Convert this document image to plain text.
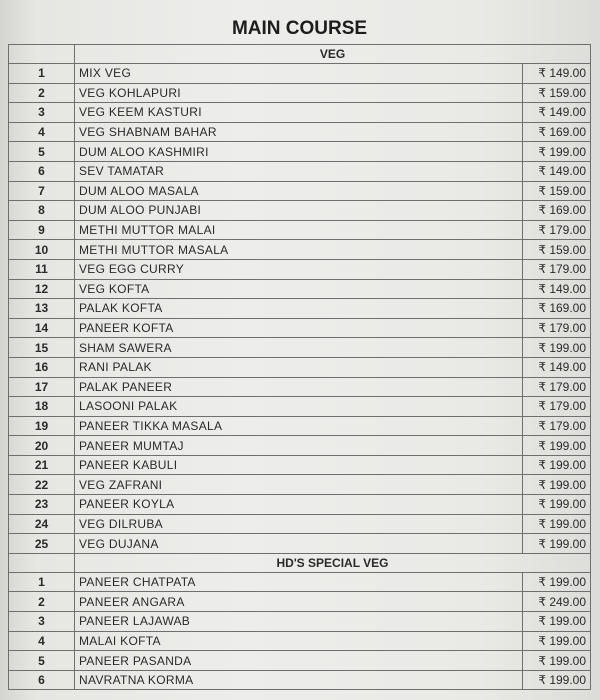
MAIN COURSE		
	VEG	
1	MIX VEG	₹ 149.00
2	VEG KOHLAPURI	₹ 159.00
3	VEG KEEM KASTURI	₹ 149.00
4	VEG SHABNAM BAHAR	₹ 169.00
5	DUM ALOO KASHMIRI	₹ 199.00
6	SEV TAMATAR	₹ 149.00
7	DUM ALOO MASALA	₹ 159.00
8	DUM ALOO PUNJABI	₹ 169.00
9	METHI MUTTOR MALAI	₹ 179.00
10	METHI MUTTOR MASALA	₹ 159.00
11	VEG EGG CURRY	₹ 179.00
12	VEG KOFTA	₹ 149.00
13	PALAK KOFTA	₹ 169.00
14	PANEER KOFTA	₹ 179.00
15	SHAM SAWERA	₹ 199.00
16	RANI PALAK	₹ 149.00
17	PALAK PANEER	₹ 179.00
18	LASOONI PALAK	₹ 179.00
19	PANEER TIKKA MASALA	₹ 179.00
20	PANEER MUMTAJ	₹ 199.00
21	PANEER KABULI	₹ 199.00
22	VEG ZAFRANI	₹ 199.00
23	PANEER KOYLA	₹ 199.00
24	VEG DILRUBA	₹ 199.00
25	VEG DUJANA	₹ 199.00
	HD'S SPECIAL VEG	
1	PANEER CHATPATA	₹ 199.00
2	PANEER ANGARA	₹ 249.00
3	PANEER LAJAWAB	₹ 199.00
4	MALAI KOFTA	₹ 199.00
5	PANEER PASANDA	₹ 199.00
6	NAVRATNA KORMA	₹ 199.00
